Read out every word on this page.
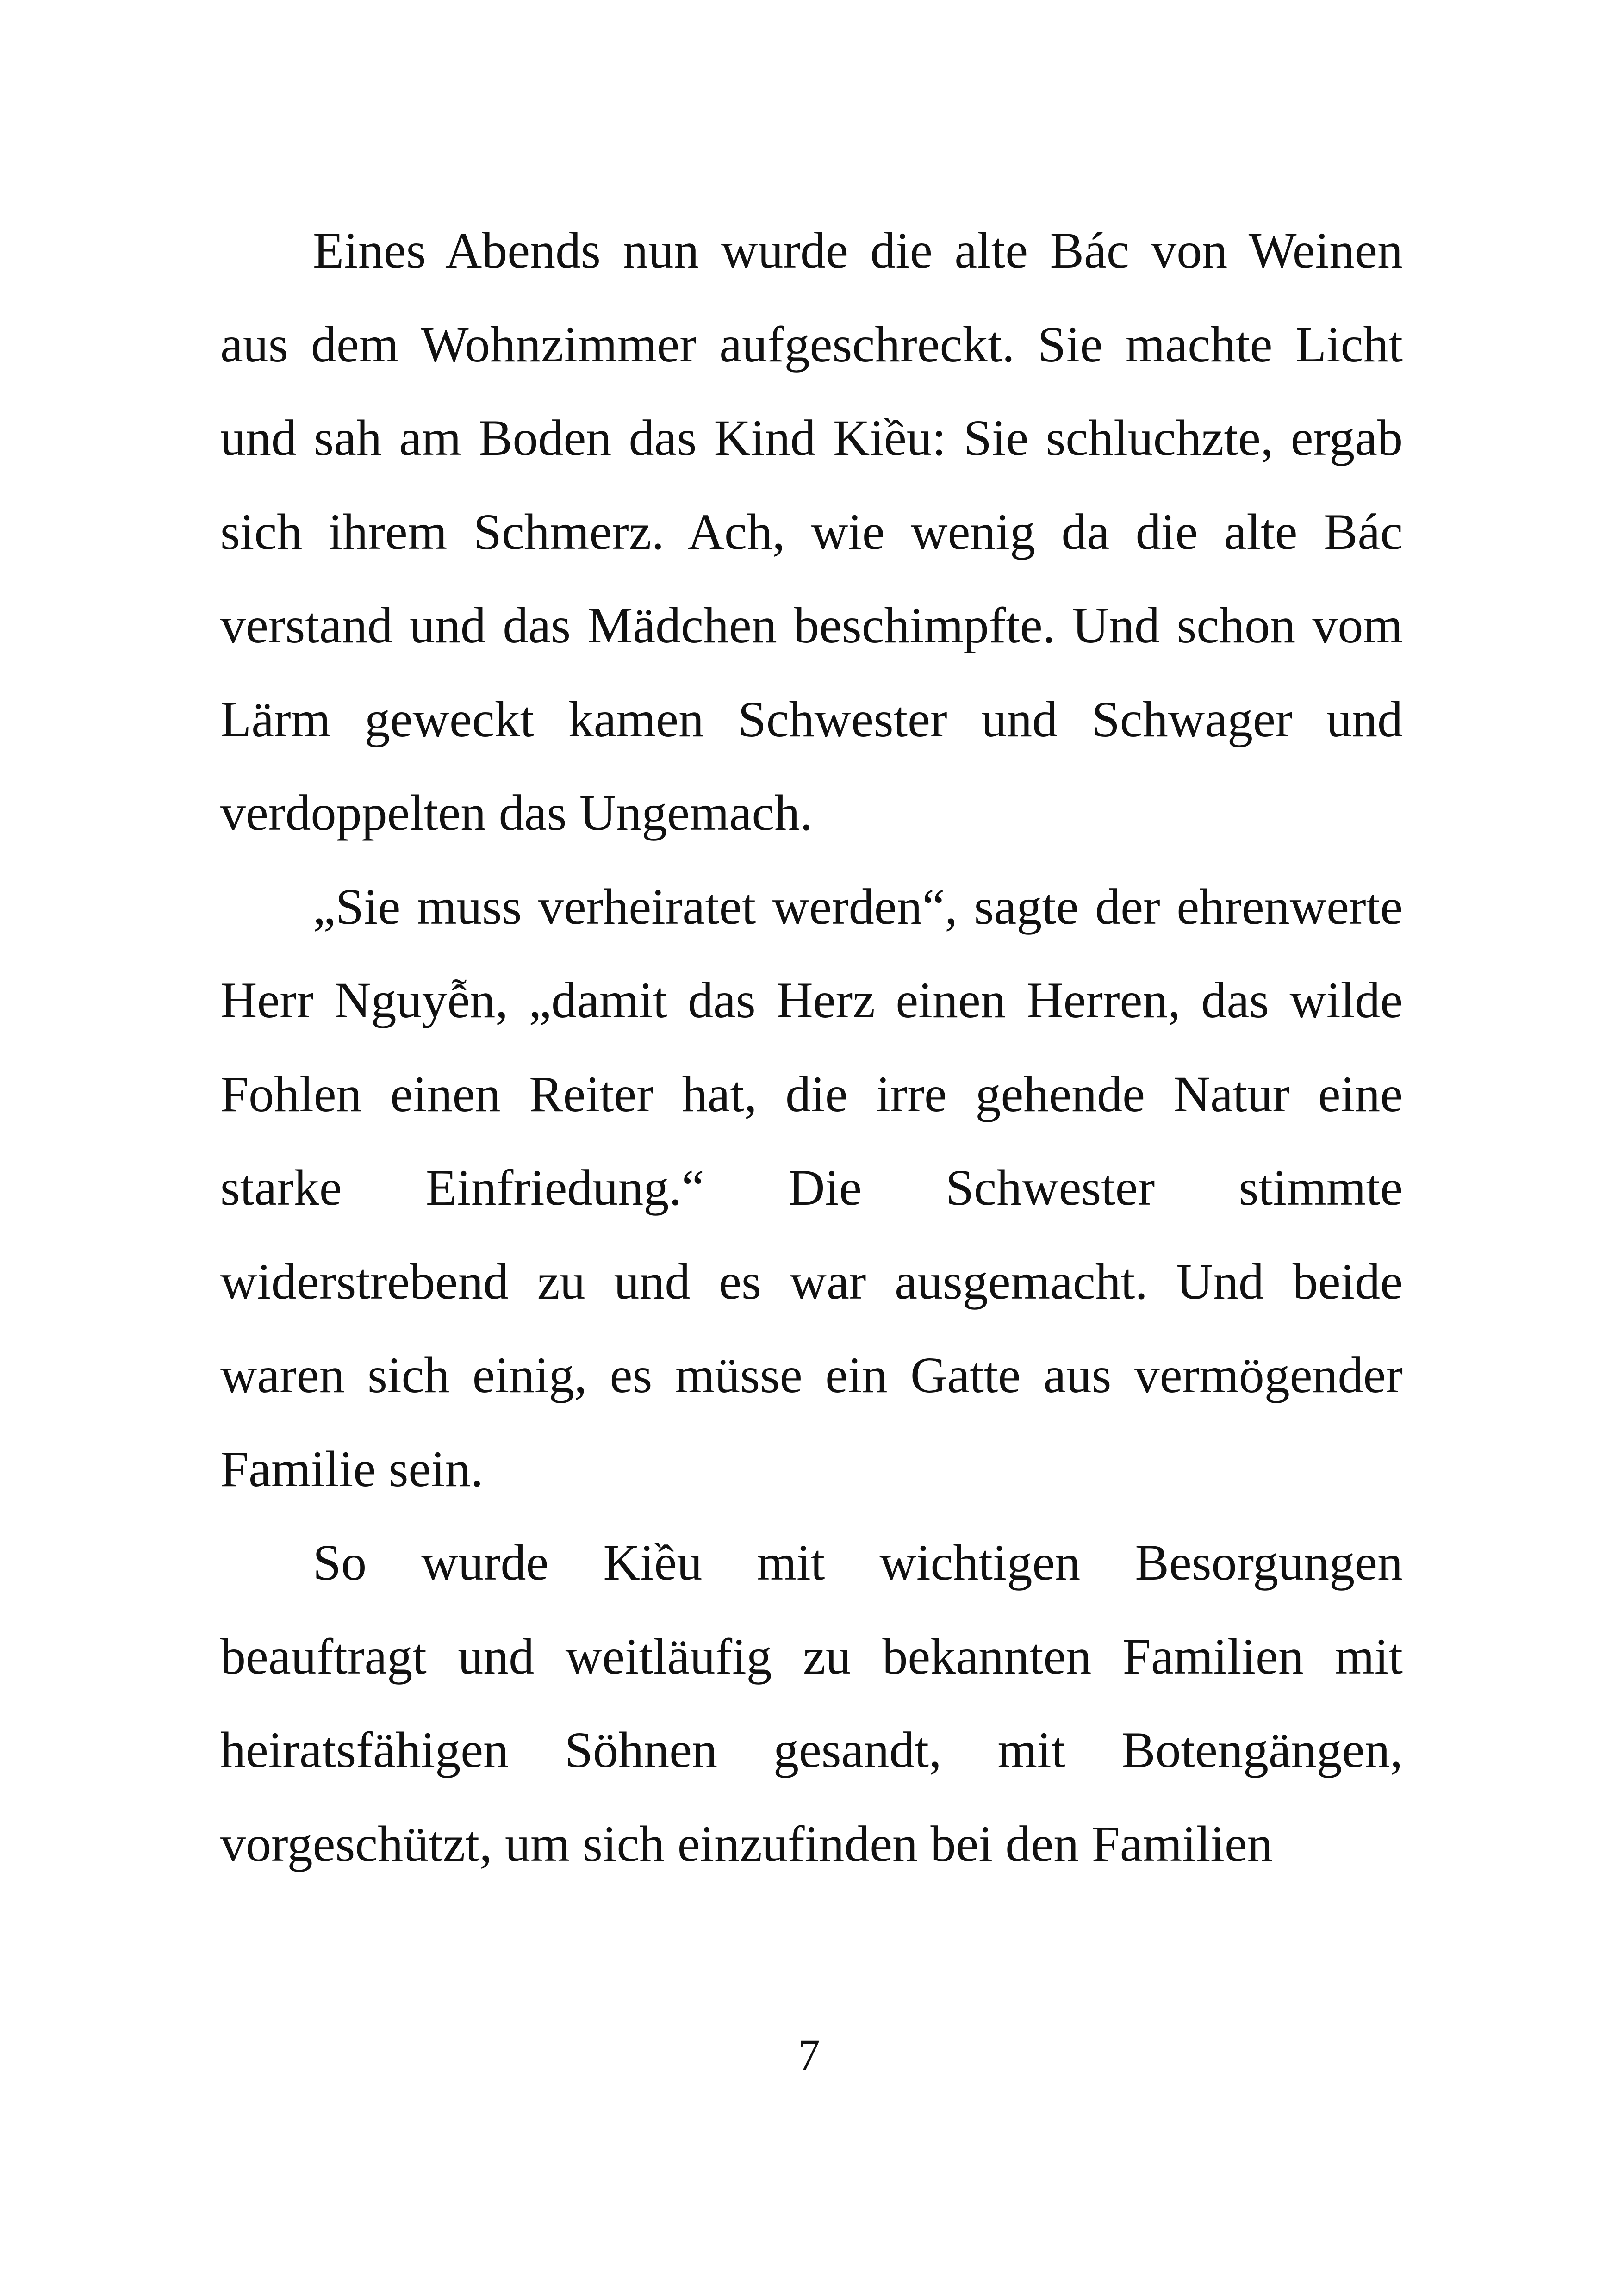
Eines Abends nun wurde die alte Bác von Weinen aus dem Wohnzimmer aufgeschreckt. Sie machte Licht und sah am Boden das Kind Kiều: Sie schluchzte, ergab sich ihrem Schmerz. Ach, wie wenig da die alte Bác verstand und das Mädchen beschimpfte. Und schon vom Lärm geweckt kamen Schwester und Schwager und verdoppelten das Ungemach.

„Sie muss verheiratet werden“, sagte der ehrenwerte Herr Nguyễn, „damit das Herz einen Herren, das wilde Fohlen einen Reiter hat, die irre gehende Natur eine starke Einfriedung.“ Die Schwester stimmte widerstrebend zu und es war ausgemacht. Und beide waren sich einig, es müsse ein Gatte aus vermögender Familie sein.

So wurde Kiều mit wichtigen Besorgungen beauftragt und weitläufig zu bekannten Familien mit heiratsfähigen Söhnen gesandt, mit Botengängen, vorgeschützt, um sich einzufinden bei den Familien

7
